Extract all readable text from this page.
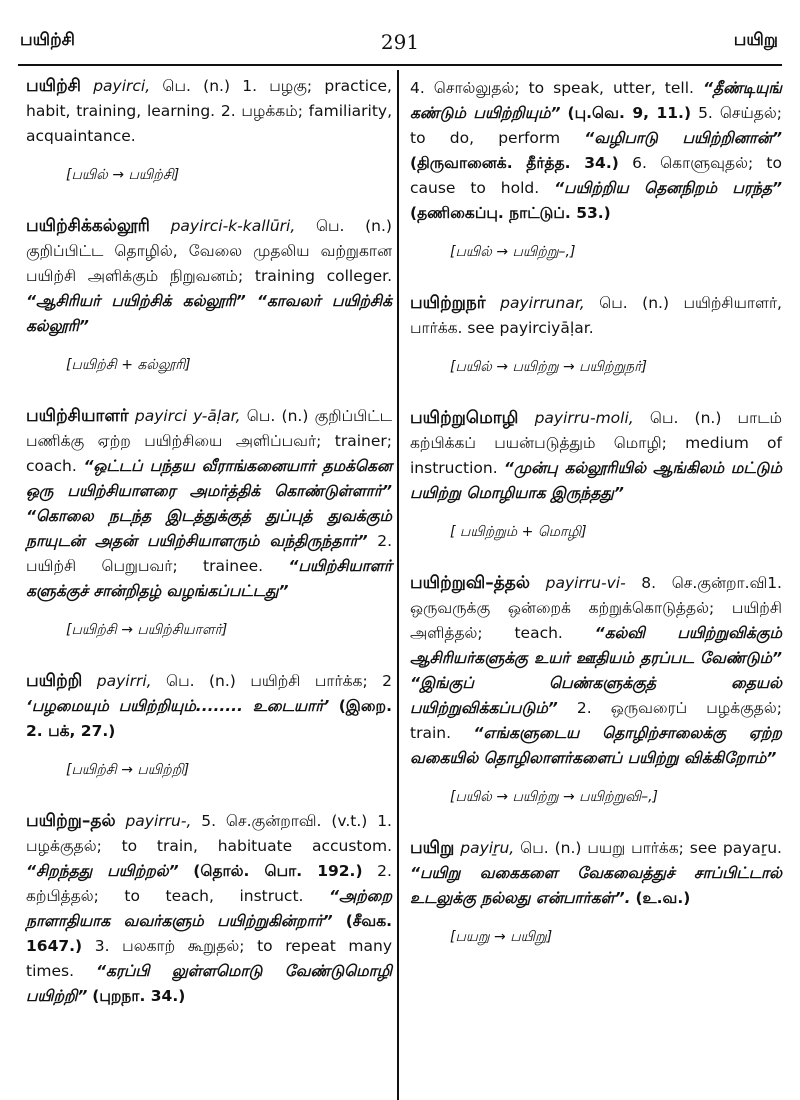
பயிற்சி	291	பயிறு
பயிற்சி payirci, பெ. (n.) 1. பழகு; practice, habit, training, learning. 2. பழக்கம்; familiarity, acquaintance.
[பயில் → பயிற்சி]
பயிற்சிக்கல்லூரி payirci-k-kallūri, பெ. (n.) குறிப்பிட்ட தொழில், வேலை முதலிய வற்றுகான பயிற்சி அளிக்கும் நிறுவனம்; training colleger. “ஆசிரியர் பயிற்சிக் கல்லூரி” “காவலர் பயிற்சிக் கல்லூரி”
[பயிற்சி + கல்லூரி]
பயிற்சியாளர் payirci y-āḷar, பெ. (n.) குறிப்பிட்ட பணிக்கு ஏற்ற பயிற்சியை அளிப்பவர்; trainer; coach. “ஒட்டப் பந்தய வீராங்கனையார் தமக்கென ஒரு பயிற்சியாளரை அமர்த்திக் கொண்டுள்ளார்” “கொலை நடந்த இடத்துக்குத் துப்புத் துவக்கும் நாயுடன் அதன் பயிற்சியாளரும் வந்திருந்தார்” 2. பயிற்சி பெறுபவர்; trainee. “பயிற்சியாளர் களுக்குச் சான்றிதழ் வழங்கப்பட்டது”
[பயிற்சி → பயிற்சியாளர்]
பயிற்றி payirri, பெ. (n.) பயிற்சி பார்க்க; 2 ‘பழமையும் பயிற்றியும்........ உடையார்’ (இறை. 2. பக், 27.)
[பயிற்சி → பயிற்றி]
பயிற்று–தல் payirru-, 5. செ.குன்றாவி. (v.t.) 1. பழக்குதல்; to train, habituate accustom. “சிறந்தது பயிற்றல்” (தொல். பொ. 192.) 2. கற்பித்தல்; to teach, instruct. “அற்றை நாளாதியாக வவர்களும் பயிற்றுகின்றார்” (சீவக. 1647.) 3. பலகாற் கூறுதல்; to repeat many times. “கரப்பி லுள்ளமொடு வேண்டுமொழி பயிற்றி” (புறநா. 34.)
4. சொல்லுதல்; to speak, utter, tell. “தீண்டியுங் கண்டும் பயிற்றியும்” (பு.வெ. 9, 11.) 5. செய்தல்; to do, perform “வழிபாடு பயிற்றினான்” (திருவானைக். தீர்த்த. 34.) 6. கொளுவுதல்; to cause to hold. “பயிற்றிய தெனநிறம் பரந்த” (தணிகைப்பு. நாட்டுப். 53.)
[பயில் → பயிற்று–,]
பயிற்றுநர் payirrunar, பெ. (n.) பயிற்சியாளர், பார்க்க. see payirciyāḷar.
[பயில் → பயிற்று → பயிற்றுநர்]
பயிற்றுமொழி payirru-moli, பெ. (n.) பாடம் கற்பிக்கப் பயன்படுத்தும் மொழி; medium of instruction. “முன்பு கல்லூரியில் ஆங்கிலம் மட்டும் பயிற்று மொழியாக இருந்தது”
[ பயிற்றும் + மொழி]
பயிற்றுவி–த்தல் payirru-vi- 8. செ.குன்றா.வி1. ஒருவருக்கு ஒன்றைக் கற்றுக்கொடுத்தல்; பயிற்சி அளித்தல்; teach. “கல்வி பயிற்றுவிக்கும் ஆசிரியர்களுக்கு உயர் ஊதியம் தரப்பட வேண்டும்” “இங்குப் பெண்களுக்குத் தையல் பயிற்றுவிக்கப்படும்” 2. ஒருவரைப் பழக்குதல்; train. “எங்களுடைய தொழிற்சாலைக்கு ஏற்ற வகையில் தொழிலாளர்களைப் பயிற்று விக்கிறோம்”
[பயில் → பயிற்று → பயிற்றுவி–,]
பயிறு payiṟu, பெ. (n.) பயறு பார்க்க; see payaṟu. “பயிறு வகைகளை வேகவைத்துச் சாப்பிட்டால் உடலுக்கு நல்லது என்பார்கள்”. (உ.வ.)
[பயறு → பயிறு]
